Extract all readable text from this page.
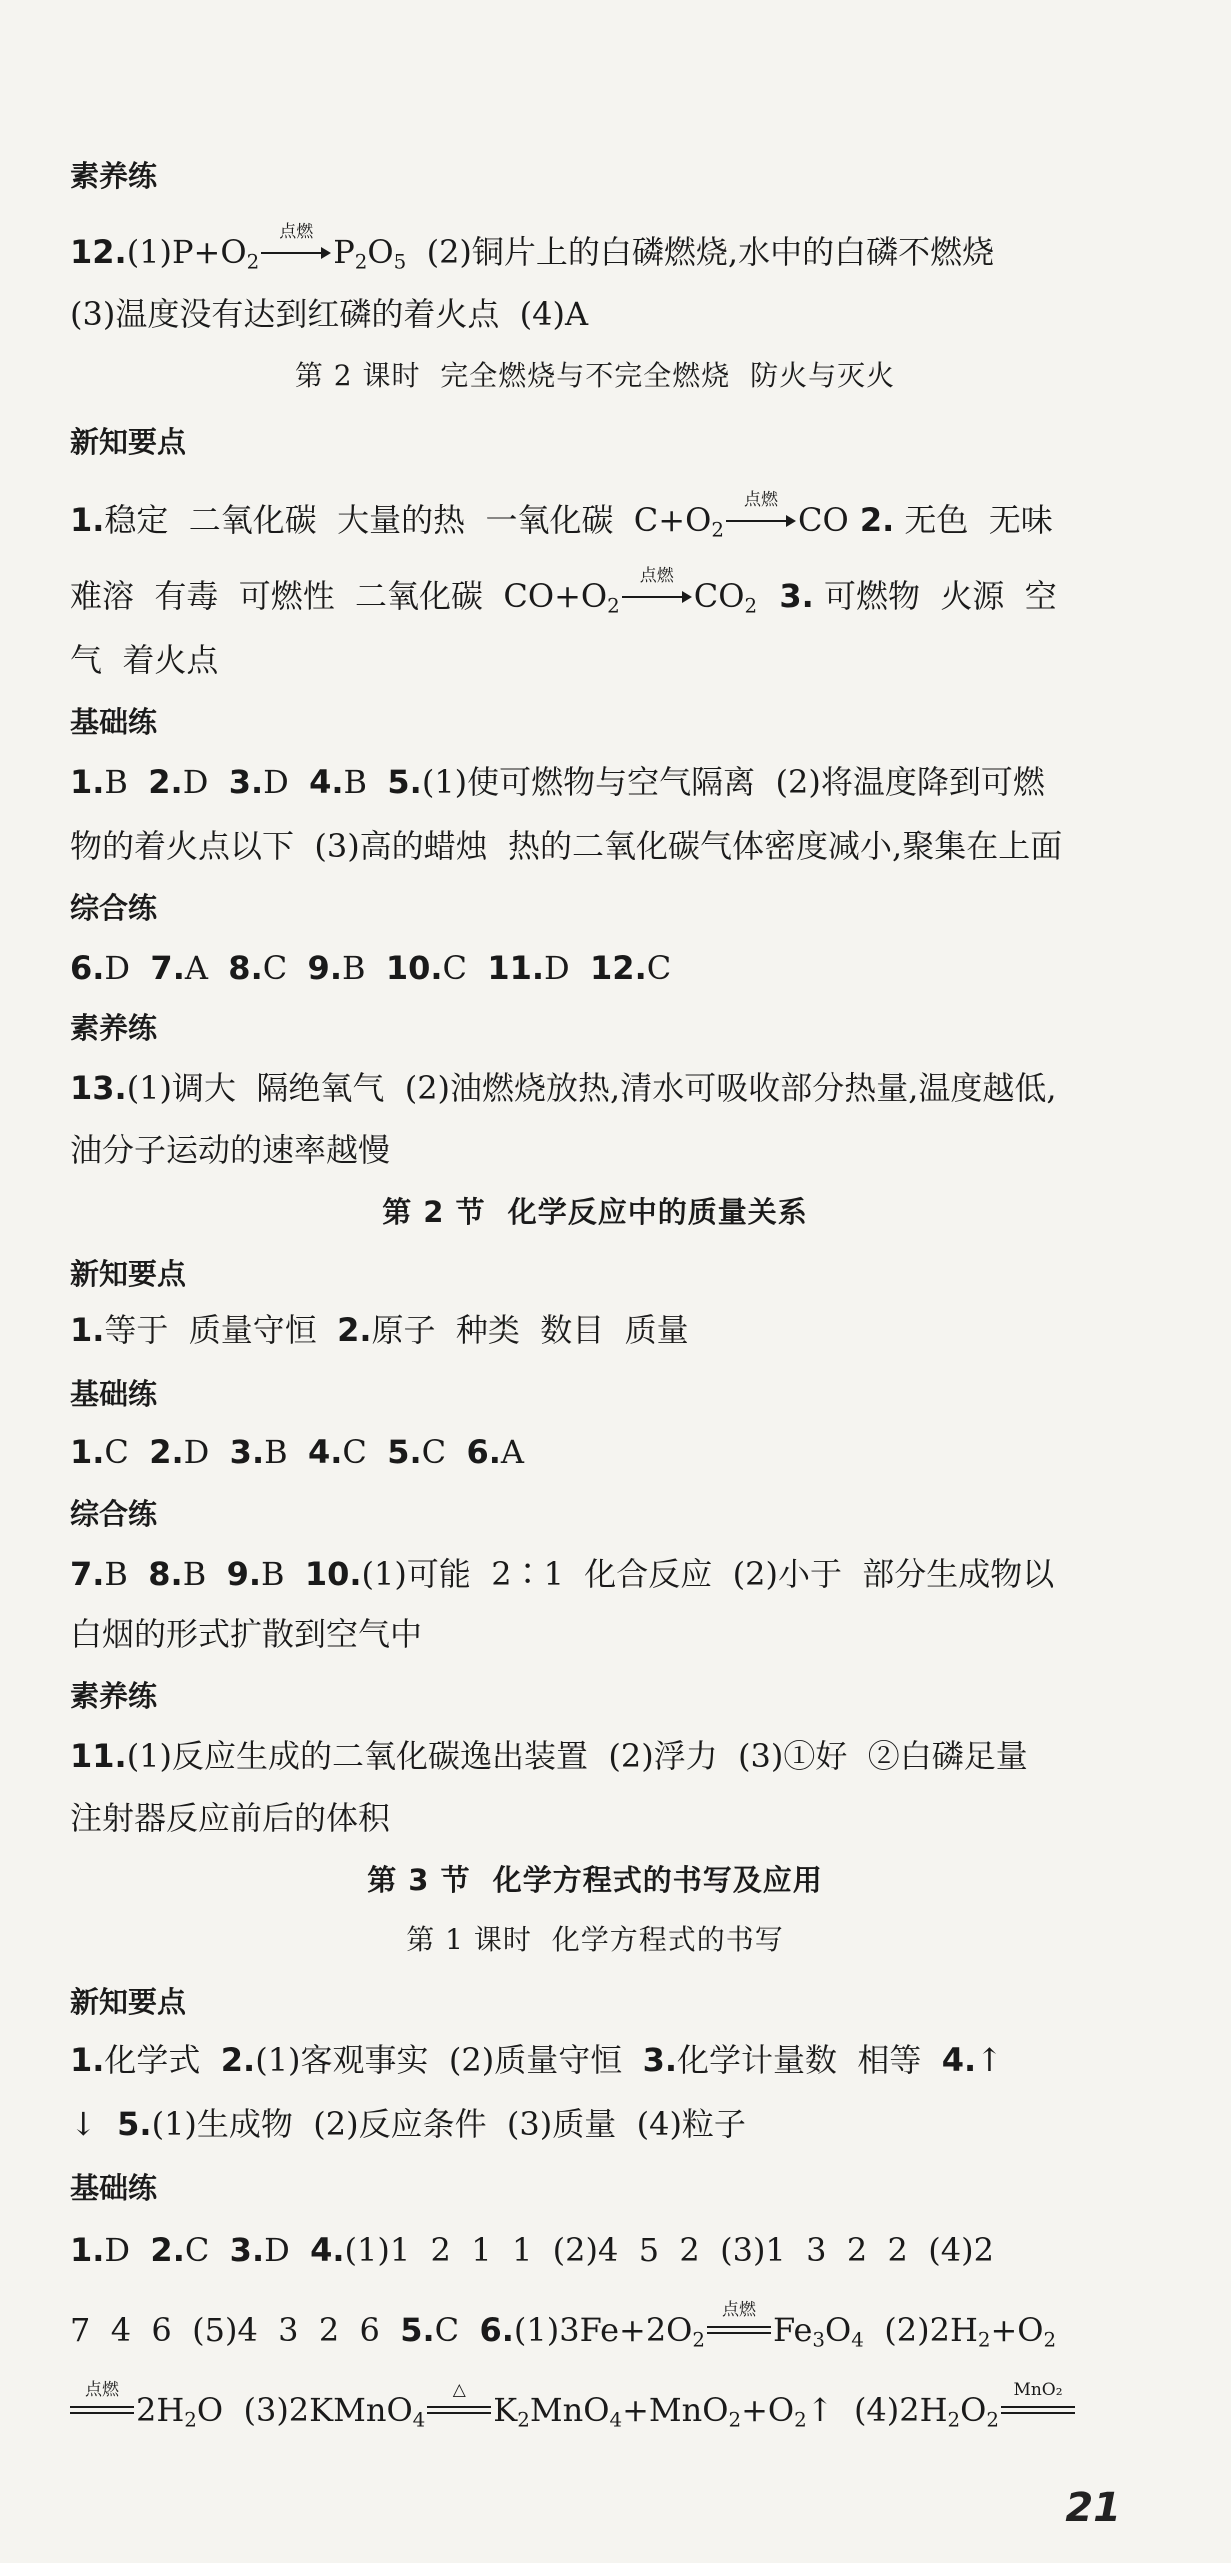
素养练
$12.(1)P+O_2$
点燃
$P_2O_5$  (2)铜片上的白磷燃烧,水中的白磷不燃烧
(3)温度没有达到红磷的着火点  (4)A
第 2 课时  完全燃烧与不完全燃烧  防火与灭火
新知要点
1.稳定  二氧化碳  大量的热  一氧化碳  $C+O_2$
点燃
CO 2. 无色  无味
难溶  有毒  可燃性  二氧化碳  $CO+O_2$
点燃
$CO_2$  3. 可燃物  火源  空
气  着火点
基础练
1.B 2.D 3.D 4.B 5.(1)使可燃物与空气隔离  (2)将温度降到可燃
物的着火点以下  (3)高的蜡烛  热的二氧化碳气体密度减小,聚集在上面
综合练
6.D 7.A 8.C 9.B 10.C 11.D 12.C
素养练
13.(1)调大  隔绝氧气  (2)油燃烧放热,清水可吸收部分热量,温度越低,
油分子运动的速率越慢
第 2 节  化学反应中的质量关系
新知要点
1.等于  质量守恒 2.原子  种类  数目  质量
基础练
1.C 2.D 3.B 4.C 5.C 6.A
综合练
7.B 8.B 9.B 10.(1)可能  2∶1  化合反应  (2)小于  部分生成物以
白烟的形式扩散到空气中
素养练
11.(1)反应生成的二氧化碳逸出装置  (2)浮力  (3)①好  ②白磷足量
注射器反应前后的体积
第 3 节  化学方程式的书写及应用
第 1 课时  化学方程式的书写
新知要点
1.化学式 2.(1)客观事实  (2)质量守恒 3.化学计量数  相等 4.↑
↓ 5.(1)生成物  (2)反应条件  (3)质量  (4)粒子
基础练
1.D 2.C 3.D 4.(1)1  2  1  1  (2)4  5  2  (3)1  3  2  2  (4)2
7  4  6  (5)4  3  2  6 5.C $6.(1)3Fe+2O_2$
点燃
$Fe_3O_4$  $(2)2H_2+O_2$
点燃
$2H_2O$  (3)2KMnO$_4$
△
$K_2MnO_4+MnO_2+O_2↑$  $(4)2H_2O_2$
MnO₂
21
